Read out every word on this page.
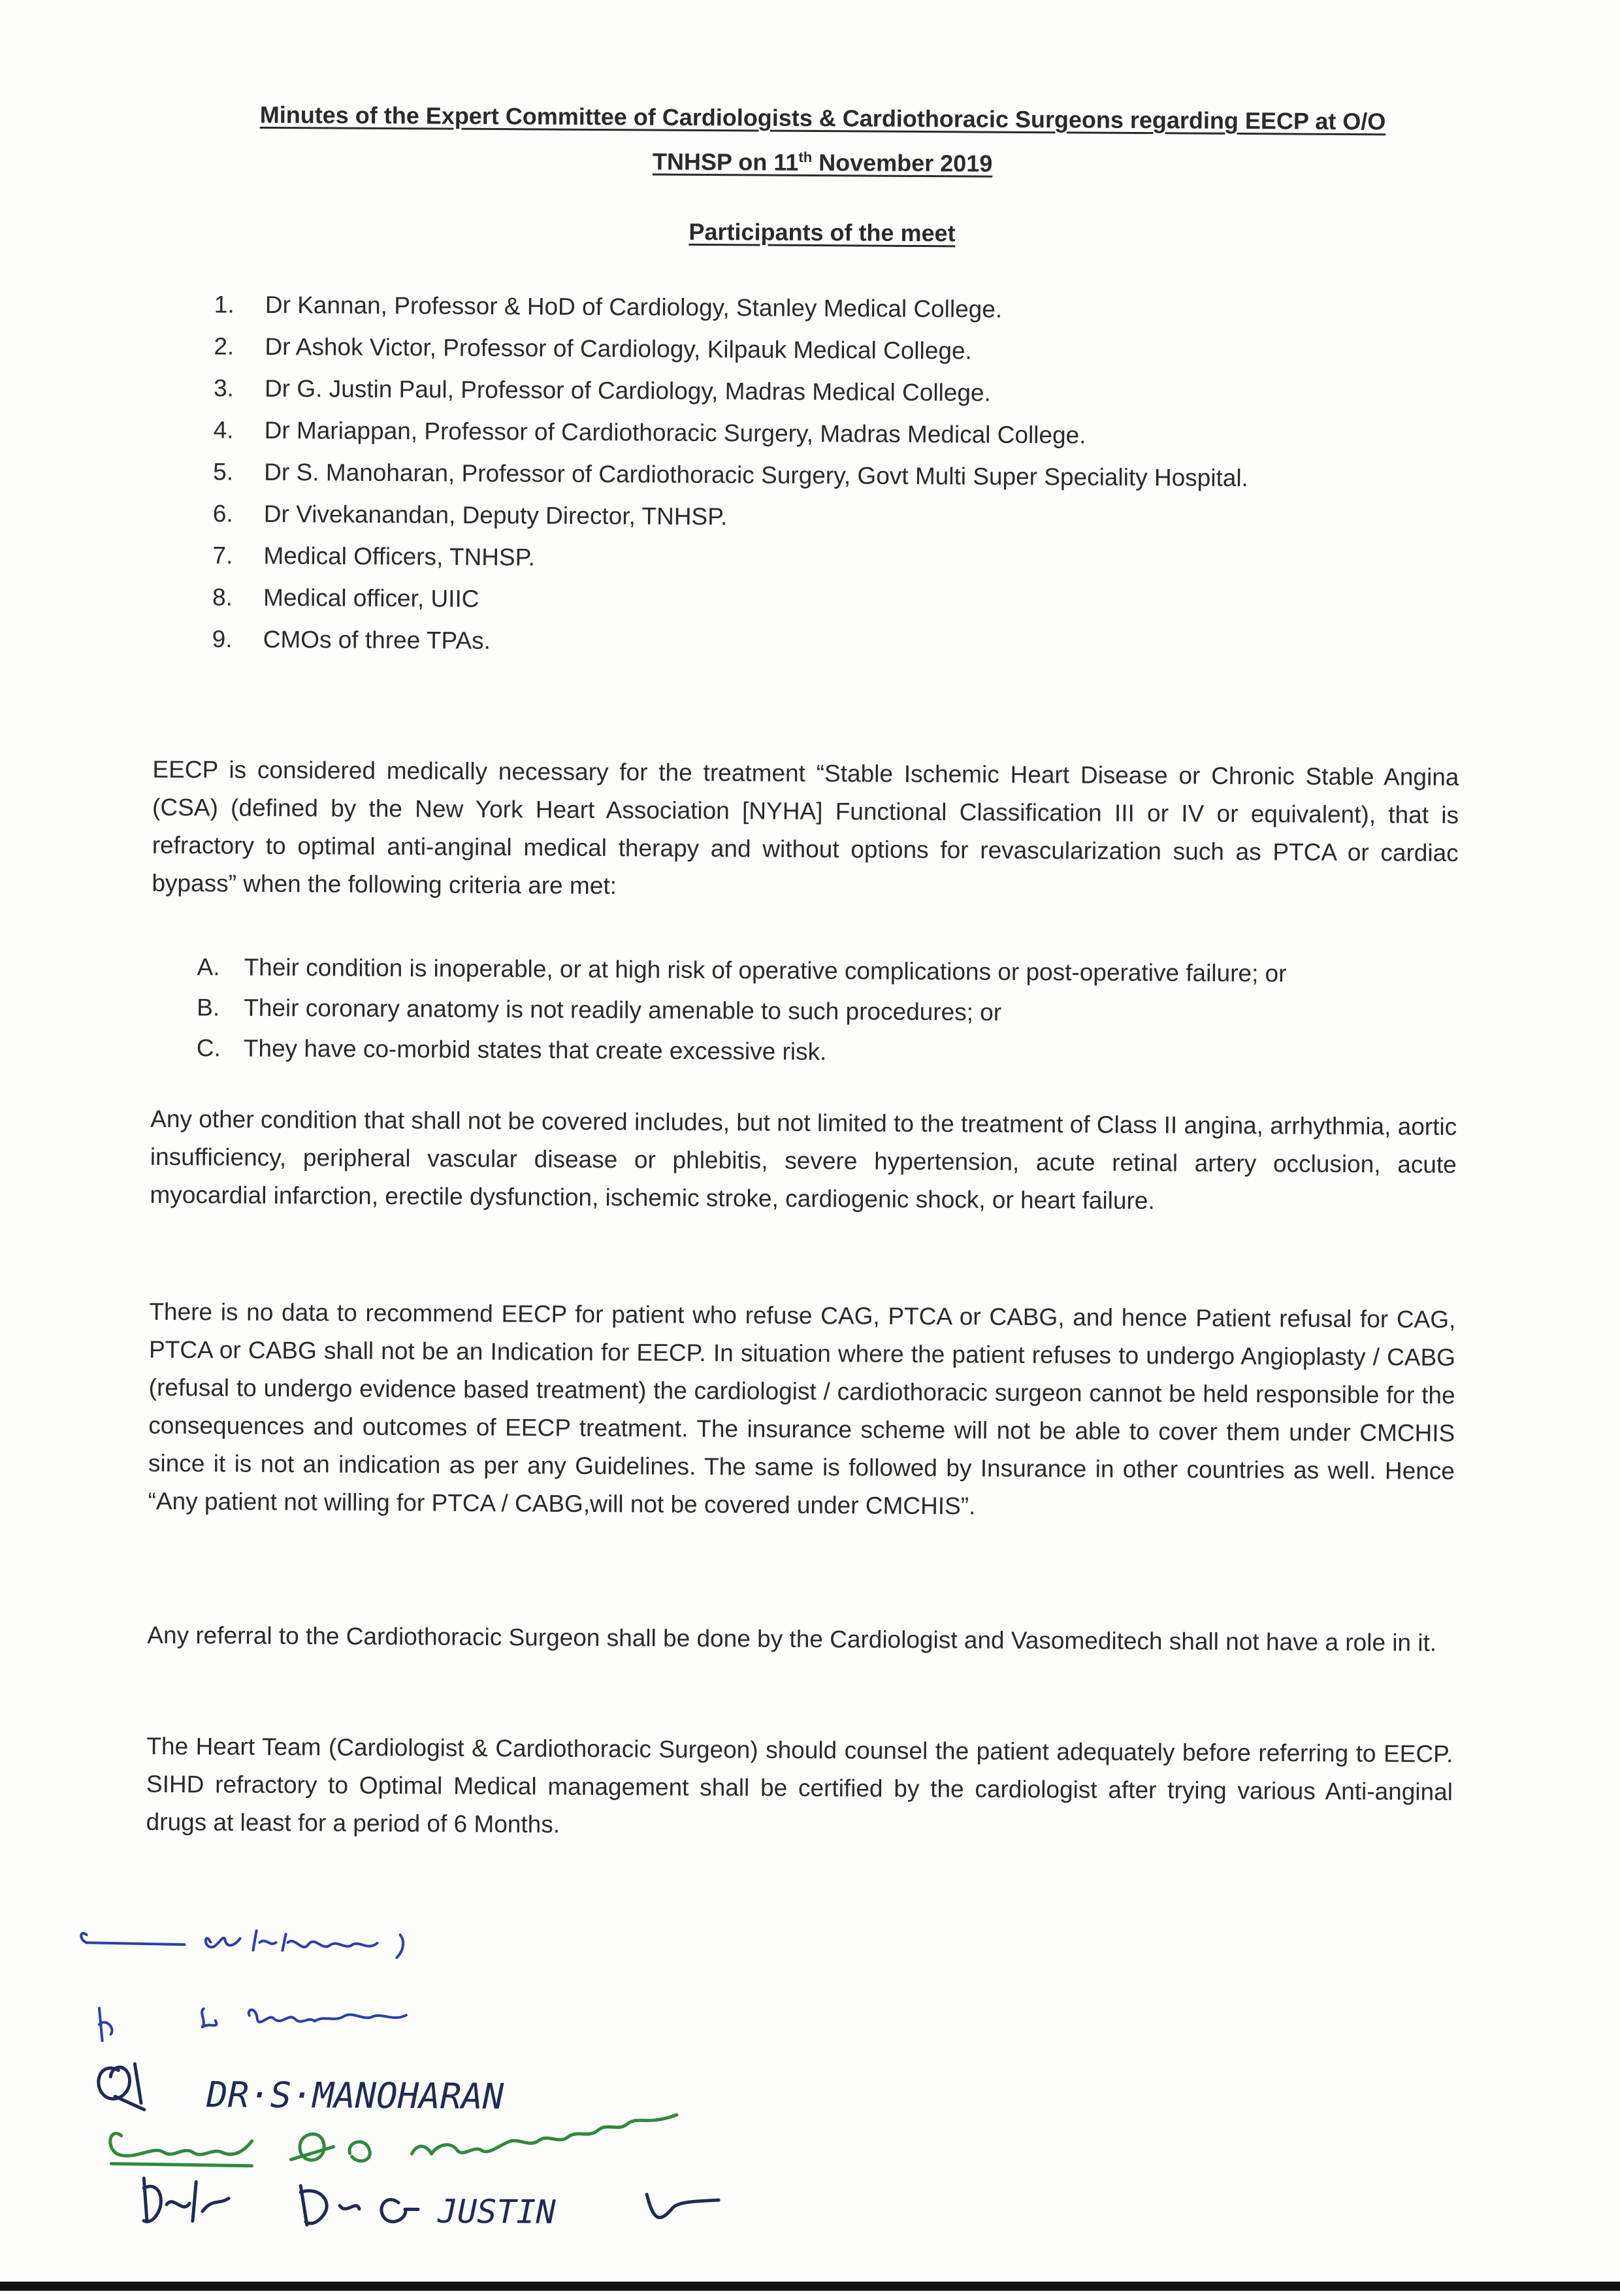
Minutes of the Expert Committee of Cardiologists & Cardiothoracic Surgeons regarding EECP at O/O

TNHSP on 11th November 2019

Participants of the meet

1. Dr Kannan, Professor & HoD of Cardiology, Stanley Medical College.
2. Dr Ashok Victor, Professor of Cardiology, Kilpauk Medical College.
3. Dr G. Justin Paul, Professor of Cardiology, Madras Medical College.
4. Dr Mariappan, Professor of Cardiothoracic Surgery, Madras Medical College.
5. Dr S. Manoharan, Professor of Cardiothoracic Surgery, Govt Multi Super Speciality Hospital.
6. Dr Vivekanandan, Deputy Director, TNHSP.
7. Medical Officers, TNHSP.
8. Medical officer, UIIC
9. CMOs of three TPAs.

EECP is considered medically necessary for the treatment “Stable Ischemic Heart Disease or Chronic Stable Angina (CSA) (defined by the New York Heart Association [NYHA] Functional Classification III or IV or equivalent), that is refractory to optimal anti-anginal medical therapy and without options for revascularization such as PTCA or cardiac bypass” when the following criteria are met:

A. Their condition is inoperable, or at high risk of operative complications or post-operative failure; or
B. Their coronary anatomy is not readily amenable to such procedures; or
C. They have co-morbid states that create excessive risk.

Any other condition that shall not be covered includes, but not limited to the treatment of Class II angina, arrhythmia, aortic insufficiency, peripheral vascular disease or phlebitis, severe hypertension, acute retinal artery occlusion, acute myocardial infarction, erectile dysfunction, ischemic stroke, cardiogenic shock, or heart failure.

There is no data to recommend EECP for patient who refuse CAG, PTCA or CABG, and hence Patient refusal for CAG, PTCA or CABG shall not be an Indication for EECP. In situation where the patient refuses to undergo Angioplasty / CABG (refusal to undergo evidence based treatment) the cardiologist / cardiothoracic surgeon cannot be held responsible for the consequences and outcomes of EECP treatment. The insurance scheme will not be able to cover them under CMCHIS since it is not an indication as per any Guidelines. The same is followed by Insurance in other countries as well. Hence “Any patient not willing for PTCA / CABG,will not be covered under CMCHIS”.

Any referral to the Cardiothoracic Surgeon shall be done by the Cardiologist and Vasomeditech shall not have a role in it.

The Heart Team (Cardiologist & Cardiothoracic Surgeon) should counsel the patient adequately before referring to EECP. SIHD refractory to Optimal Medical management shall be certified by the cardiologist after trying various Anti-anginal drugs at least for a period of 6 Months.

DR·S·MANOHARAN
JUSTIN
